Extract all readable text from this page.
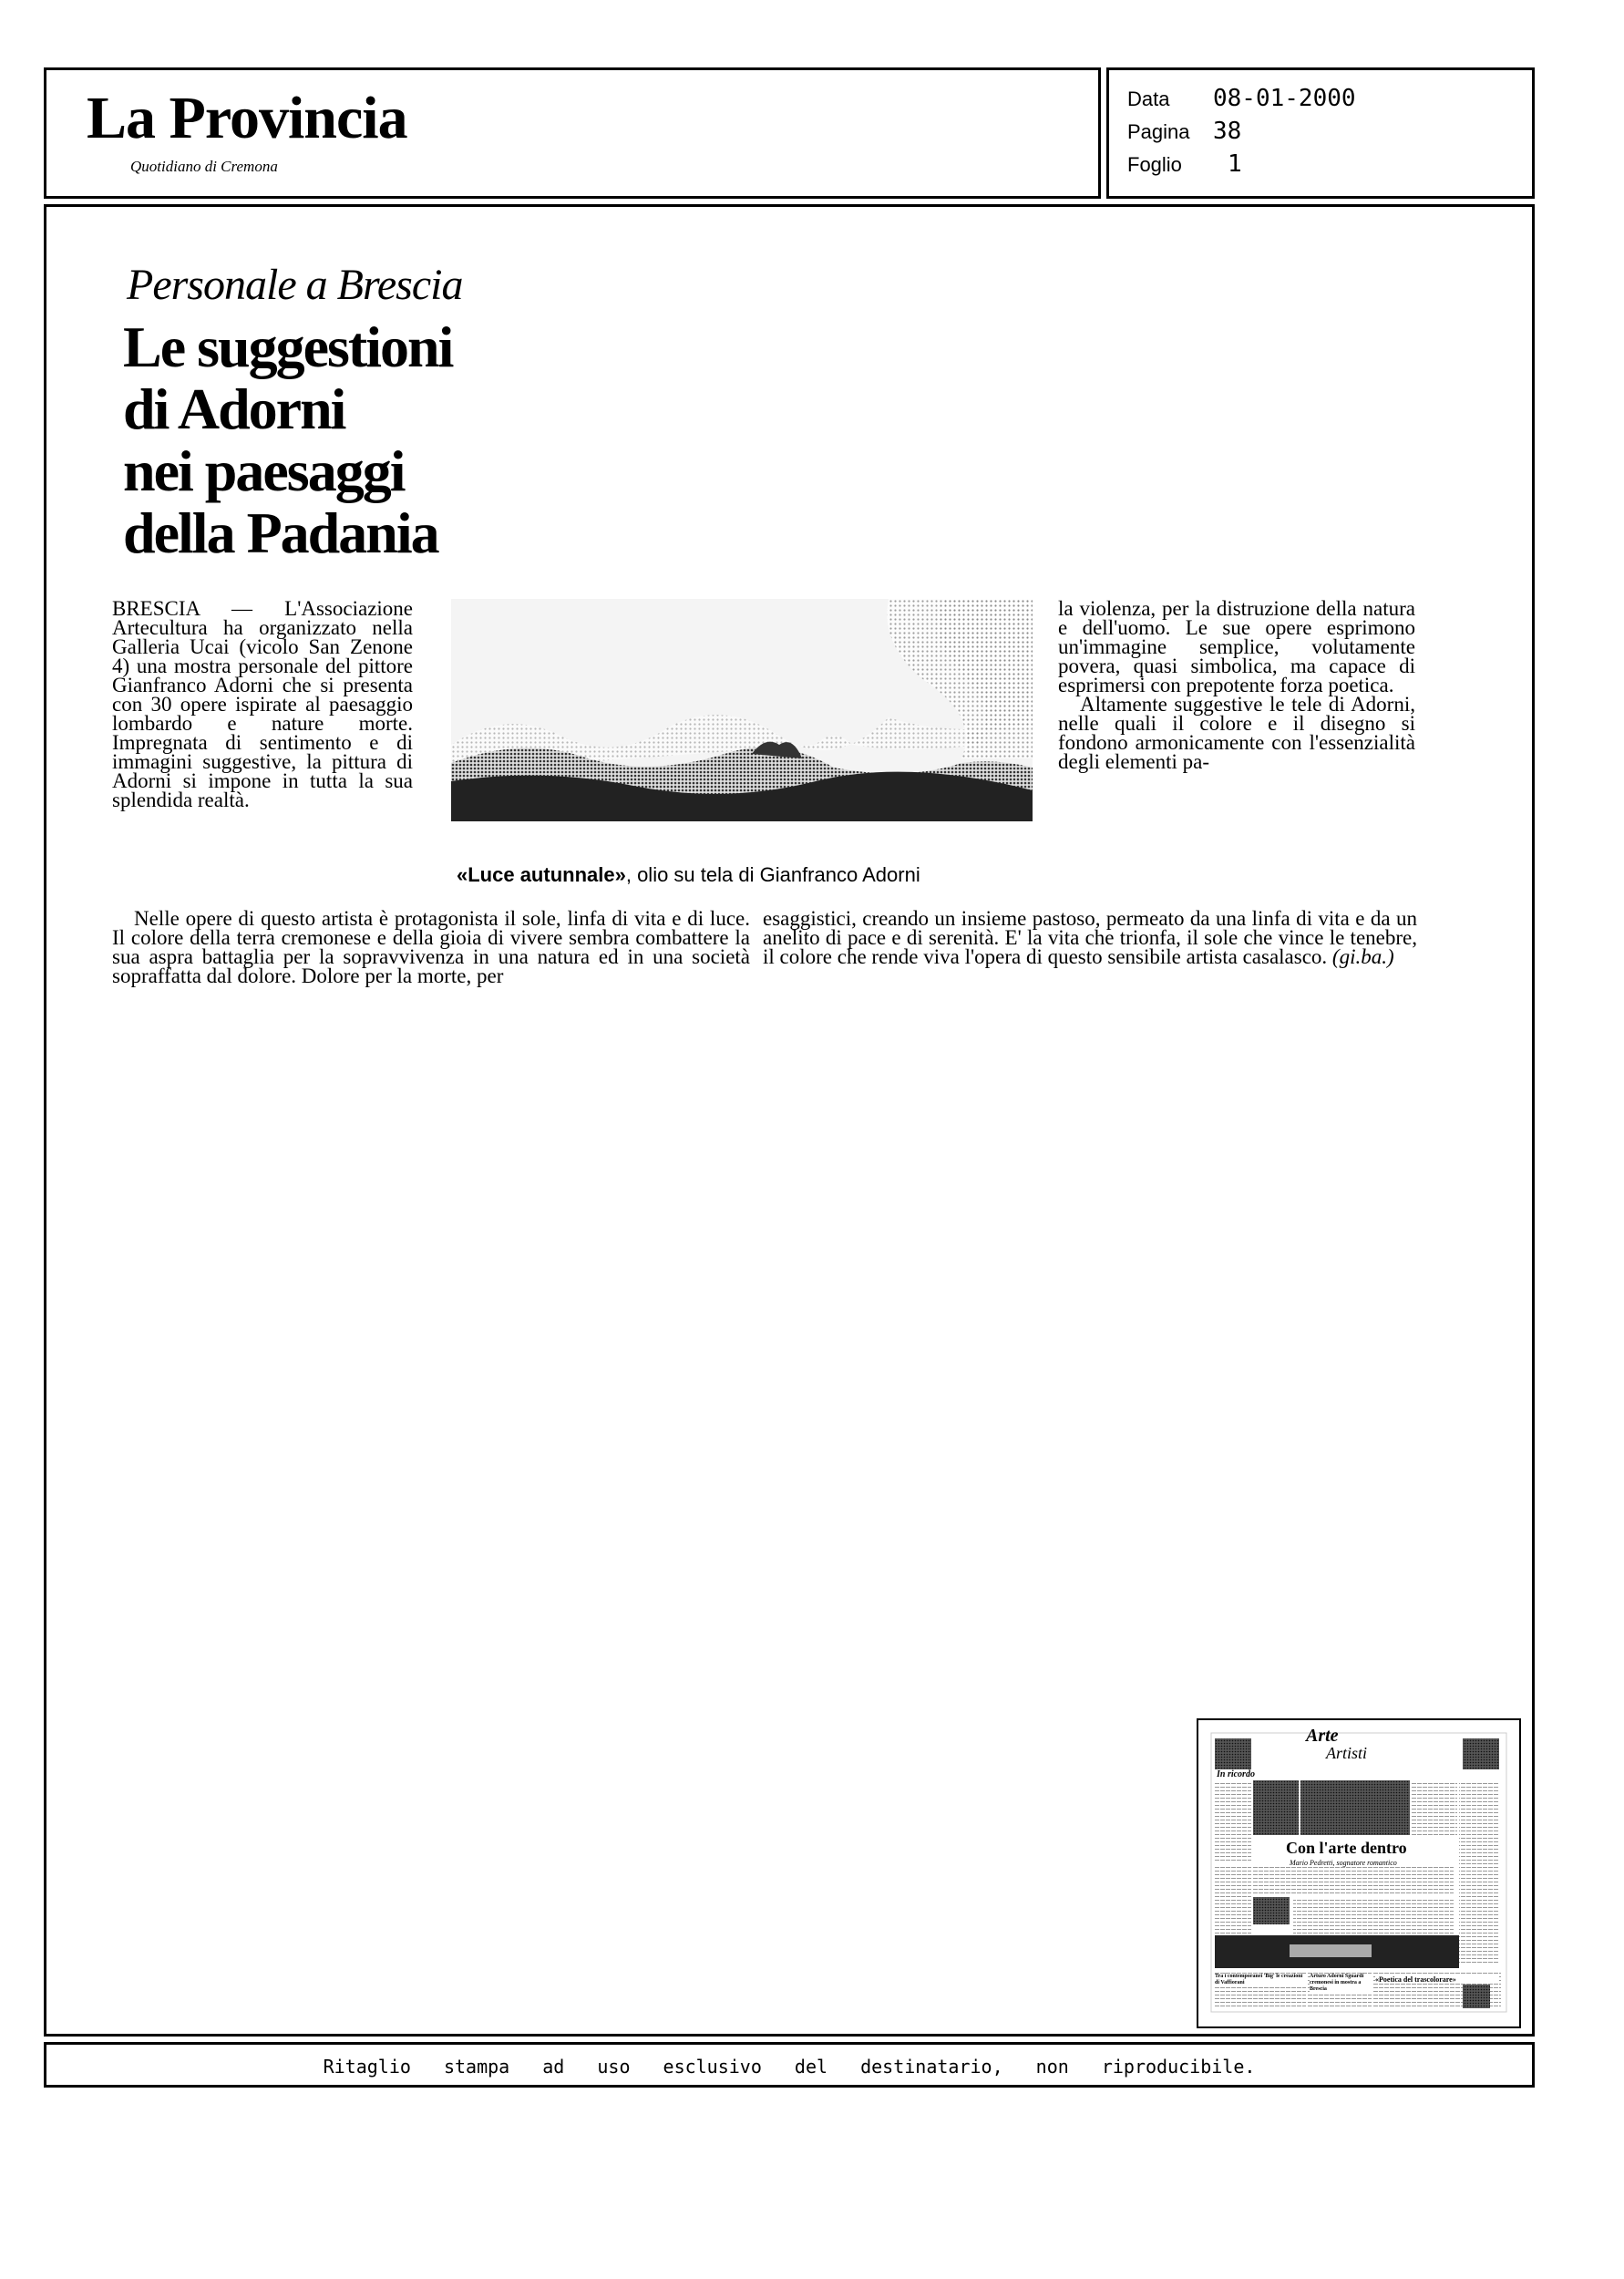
La Provincia
Quotidiano di Cremona
Data	08-01-2000
Pagina 38
Foglio	1
Personale a Brescia
Le suggestioni
di Adorni
nei paesaggi
della Padania

BRESCIA — L'Associazione Artecultura ha organizzato nella Galleria Ucai (vicolo San Zenone 4) una mostra personale del pittore Gianfranco Adorni che si presenta con 30 opere ispirate al paesaggio lombardo e nature morte. Impregnata di sentimento e di immagini suggestive, la pittura di Adorni si impone in tutta la sua splendida realtà.

«Luce autunnale», olio su tela di Gianfranco Adorni

la violenza, per la distruzione della natura e dell'uomo. Le sue opere esprimono un'immagine semplice, volutamente povera, quasi simbolica, ma capace di esprimersi con prepotente forza poetica.

Altamente suggestive le tele di Adorni, nelle quali il colore e il disegno si fondono armonicamente con l'essenzialità degli elementi pa-

Nelle opere di questo artista è protagonista il sole, linfa di vita e di luce. Il colore della terra cremonese e della gioia di vivere sembra combattere la sua aspra battaglia per la sopravvivenza in una natura ed in una società sopraffatta dal dolore. Dolore per la morte, per

esaggistici, creando un insieme pastoso, permeato da una linfa di vita e da un anelito di pace e di serenità. E' la vita che trionfa, il sole che vince le tenebre, il colore che rende viva l'opera di questo sensibile artista casalasco. (gi.ba.)

Arte
Artisti
In ricordo
Con l'arte dentro
Mario Pedretti, sognatore romantico
Tra i contemporanei 'Big' le creazioni di Vaffiorani
Arturo Adorni Sguardi cremonesi in mostra a Brescia
«Poetica del trascolorare»
Ritaglio stampa ad uso esclusivo del destinatario, non riproducibile.
